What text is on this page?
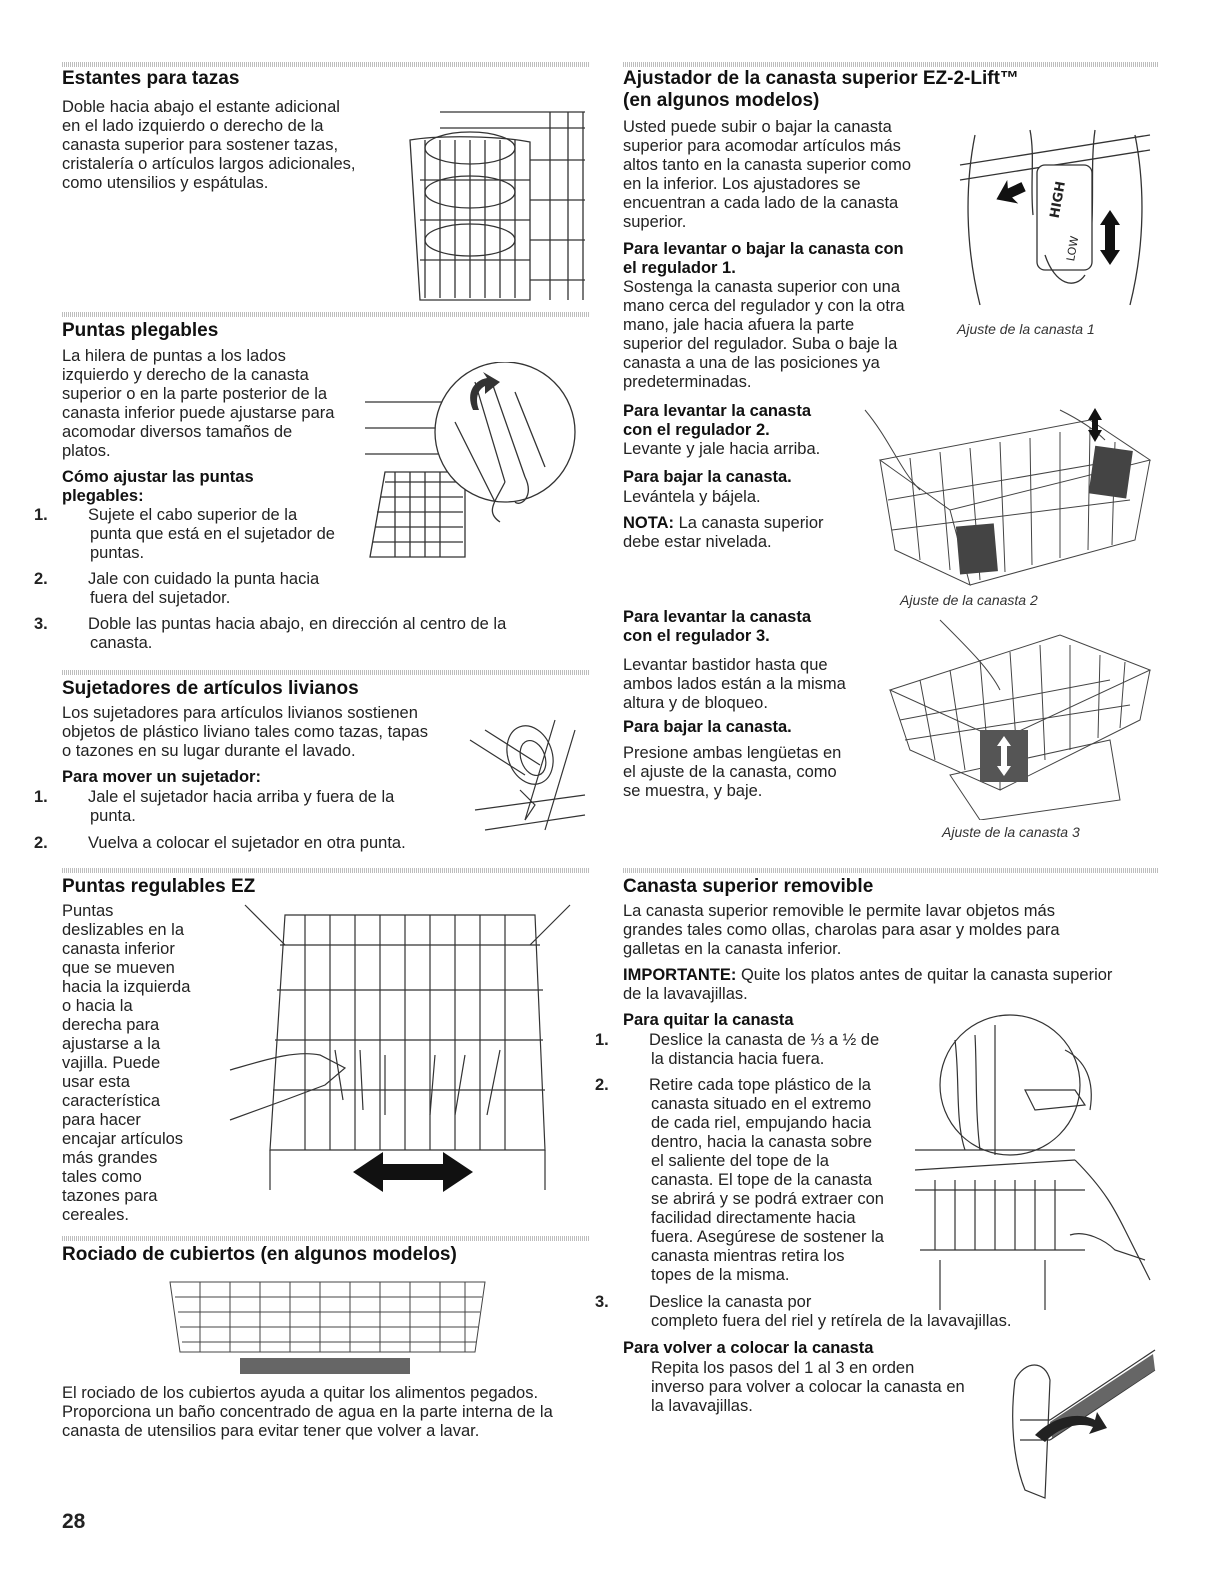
Estantes para tazas
Doble hacia abajo el estante adicional
en el lado izquierdo o derecho de la
canasta superior para sostener tazas,
cristalería o artículos largos adicionales,
como utensilios y espátulas.
Puntas plegables
La hilera de puntas a los lados
izquierdo y derecho de la canasta
superior o en la parte posterior de la
canasta inferior puede ajustarse para
acomodar diversos tamaños de
platos.
Cómo ajustar las puntas
plegables:
1. Sujete el cabo superior de la
punta que está en el sujetador de
puntas.
2. Jale con cuidado la punta hacia
fuera del sujetador.
3. Doble las puntas hacia abajo, en dirección al centro de la
canasta.
Sujetadores de artículos livianos
Los sujetadores para artículos livianos sostienen
objetos de plástico liviano tales como tazas, tapas
o tazones en su lugar durante el lavado.
Para mover un sujetador:
1. Jale el sujetador hacia arriba y fuera de la
punta.
2. Vuelva a colocar el sujetador en otra punta.
Puntas regulables EZ
Puntas
deslizables en la
canasta inferior
que se mueven
hacia la izquierda
o hacia la
derecha para
ajustarse a la
vajilla. Puede
usar esta
característica
para hacer
encajar artículos
más grandes
tales como
tazones para
cereales.
Rociado de cubiertos (en algunos modelos)
El rociado de los cubiertos ayuda a quitar los alimentos pegados.
Proporciona un baño concentrado de agua en la parte interna de la
canasta de utensilios para evitar tener que volver a lavar.
28
Ajustador de la canasta superior EZ-2-Lift™
(en algunos modelos)
Usted puede subir o bajar la canasta
superior para acomodar artículos más
altos tanto en la canasta superior como
en la inferior. Los ajustadores se
encuentran a cada lado de la canasta
superior.
Para levantar o bajar la canasta con
el regulador 1.
Sostenga la canasta superior con una
mano cerca del regulador y con la otra
mano, jale hacia afuera la parte
superior del regulador. Suba o baje la
canasta a una de las posiciones ya
predeterminadas.
HIGH
LOW
Ajuste de la canasta 1
Para levantar la canasta
con el regulador 2.
Levante y jale hacia arriba.
Para bajar la canasta.
Levántela y bájela.
NOTA: La canasta superior
debe estar nivelada.
Ajuste de la canasta 2
Para levantar la canasta
con el regulador 3.
Levantar bastidor hasta que
ambos lados están a la misma
altura y de bloqueo.
Para bajar la canasta.
Presione ambas lengüetas en
el ajuste de la canasta, como
se muestra, y baje.
Ajuste de la canasta 3
Canasta superior removible
La canasta superior removible le permite lavar objetos más
grandes tales como ollas, charolas para asar y moldes para
galletas en la canasta inferior.
IMPORTANTE: Quite los platos antes de quitar la canasta superior
de la lavavajillas.
Para quitar la canasta
1. Deslice la canasta de ⅓ a ½ de
la distancia hacia fuera.
2. Retire cada tope plástico de la
canasta situado en el extremo
de cada riel, empujando hacia
dentro, hacia la canasta sobre
el saliente del tope de la
canasta. El tope de la canasta
se abrirá y se podrá extraer con
facilidad directamente hacia
fuera. Asegúrese de sostener la
canasta mientras retira los
topes de la misma.
3. Deslice la canasta por
completo fuera del riel y retírela de la lavavajillas.
Para volver a colocar la canasta
Repita los pasos del 1 al 3 en orden
inverso para volver a colocar la canasta en
la lavavajillas.
